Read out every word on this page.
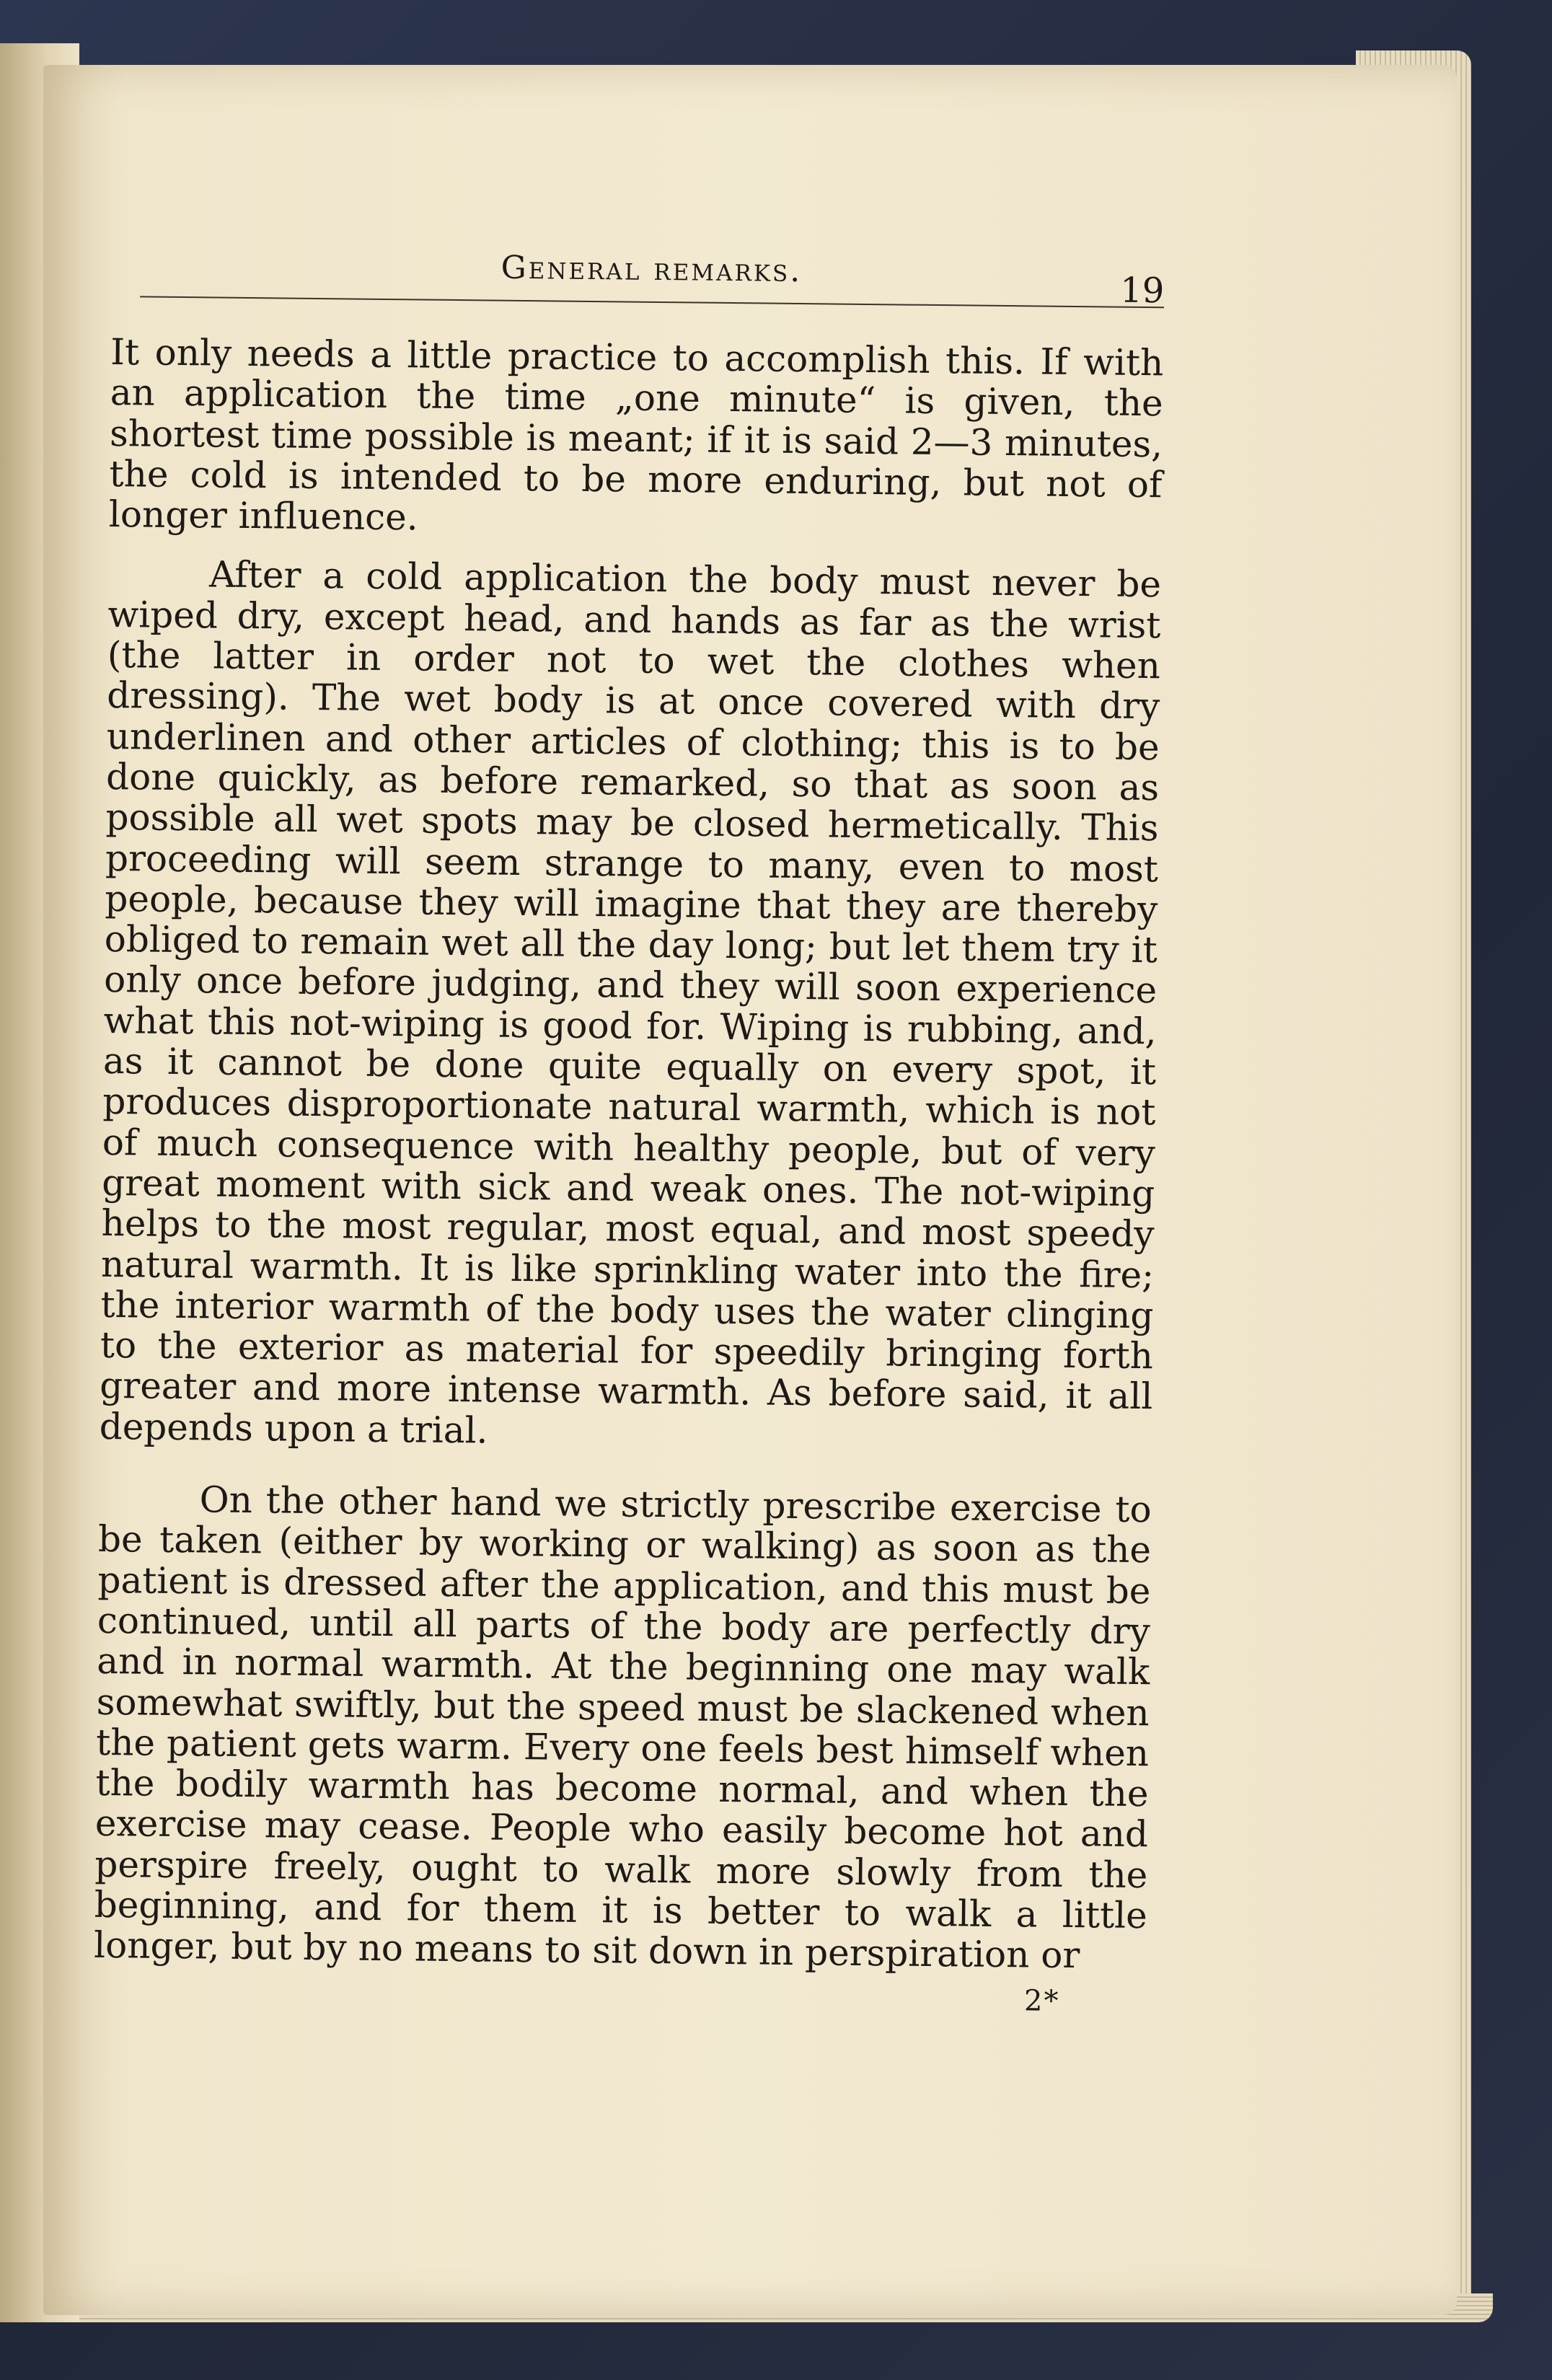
General remarks.
19

It only needs a little practice to accomplish this. If with an application the time „one minute“ is given, the shortest time possible is meant; if it is said 2—3 minutes, the cold is intended to be more enduring, but not of longer influence.

After a cold application the body must never be wiped dry, except head, and hands as far as the wrist (the latter in order not to wet the clothes when dressing). The wet body is at once covered with dry underlinen and other articles of clothing; this is to be done quickly, as before remarked, so that as soon as possible all wet spots may be closed hermetically. This proceeding will seem strange to many, even to most people, because they will imagine that they are thereby obliged to remain wet all the day long; but let them try it only once before judging, and they will soon experience what this not-wiping is good for. Wiping is rubbing, and, as it cannot be done quite equally on every spot, it produces disproportionate natural warmth, which is not of much consequence with healthy people, but of very great moment with sick and weak ones. The not-wiping helps to the most regular, most equal, and most speedy natural warmth. It is like sprinkling water into the fire; the interior warmth of the body uses the water clinging to the exterior as material for speedily bringing forth greater and more intense warmth. As before said, it all depends upon a trial.

On the other hand we strictly prescribe exercise to be taken (either by working or walking) as soon as the patient is dressed after the application, and this must be continued, until all parts of the body are perfectly dry and in normal warmth. At the beginning one may walk somewhat swiftly, but the speed must be slackened when the patient gets warm. Every one feels best himself when the bodily warmth has become normal, and when the exercise may cease. People who easily become hot and perspire freely, ought to walk more slowly from the beginning, and for them it is better to walk a little longer, but by no means to sit down in perspiration or

2*
